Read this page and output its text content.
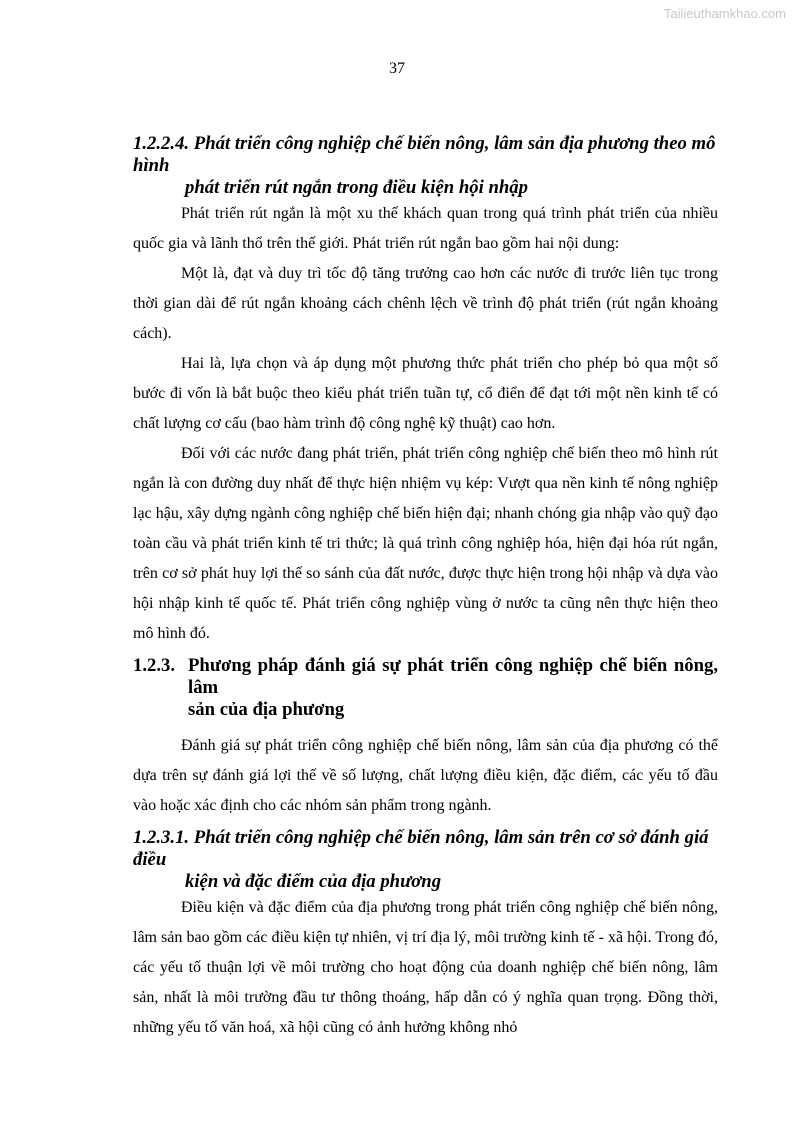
Tailieuthamkhao.com
37
1.2.2.4. Phát triển công nghiệp chế biến nông, lâm sản địa phương theo mô hình
phát triển rút ngắn trong điều kiện hội nhập

Phát triển rút ngắn là một xu thế khách quan trong quá trình phát triển của nhiều quốc gia và lãnh thổ trên thế giới. Phát triển rút ngắn bao gồm hai nội dung:

Một là, đạt và duy trì tốc độ tăng trưởng cao hơn các nước đi trước liên tục trong thời gian dài để rút ngắn khoảng cách chênh lệch về trình độ phát triển (rút ngắn khoảng cách).

Hai là, lựa chọn và áp dụng một phương thức phát triển cho phép bỏ qua một số bước đi vốn là bắt buộc theo kiểu phát triển tuần tự, cổ điển để đạt tới một nền kinh tế có chất lượng cơ cấu (bao hàm trình độ công nghệ kỹ thuật) cao hơn.

Đối với các nước đang phát triển, phát triển công nghiệp chế biến theo mô hình rút ngắn là con đường duy nhất để thực hiện nhiệm vụ kép: Vượt qua nền kinh tế nông nghiệp lạc hậu, xây dựng ngành công nghiệp chế biến hiện đại; nhanh chóng gia nhập vào quỹ đạo toàn cầu và phát triển kinh tế tri thức; là quá trình công nghiệp hóa, hiện đại hóa rút ngắn, trên cơ sở phát huy lợi thế so sánh của đất nước, được thực hiện trong hội nhập và dựa vào hội nhập kinh tế quốc tế. Phát triển công nghiệp vùng ở nước ta cũng nên thực hiện theo mô hình đó.

1.2.3. Phương pháp đánh giá sự phát triển công nghiệp chế biến nông, lâm
sản của địa phương

Đánh giá sự phát triển công nghiệp chế biến nông, lâm sản của địa phương có thể dựa trên sự đánh giá lợi thế về số lượng, chất lượng điều kiện, đặc điểm, các yếu tố đầu vào hoặc xác định cho các nhóm sản phẩm trong ngành.

1.2.3.1. Phát triển công nghiệp chế biến nông, lâm sản trên cơ sở đánh giá điều
kiện và đặc điểm của địa phương

Điều kiện và đặc điểm của địa phương trong phát triển công nghiệp chế biến nông, lâm sản bao gồm các điều kiện tự nhiên, vị trí địa lý, môi trường kinh tế - xã hội. Trong đó, các yếu tố thuận lợi về môi trường cho hoạt động của doanh nghiệp chế biến nông, lâm sản, nhất là môi trường đầu tư thông thoáng, hấp dẫn có ý nghĩa quan trọng. Đồng thời, những yếu tố văn hoá, xã hội cũng có ảnh hưởng không nhỏ
